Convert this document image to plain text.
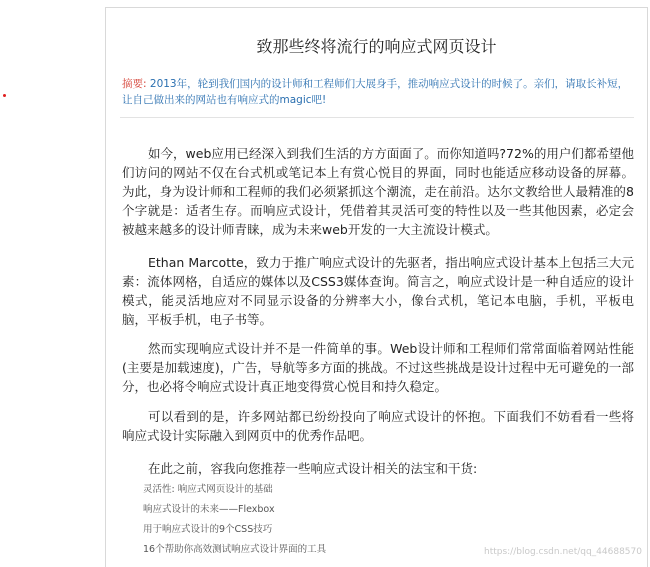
致那些终将流行的响应式网页设计
摘要: 2013年，轮到我们国内的设计师和工程师们大展身手，推动响应式设计的时候了。亲们，请取长补短，让自己做出来的网站也有响应式的magic吧!

如今，web应用已经深入到我们生活的方方面面了。而你知道吗?72%的用户们都希望他们访问的网站不仅在台式机或笔记本上有赏心悦目的界面，同时也能适应移动设备的屏幕。为此，身为设计师和工程师的我们必须紧抓这个潮流，走在前沿。达尔文教给世人最精准的8个字就是：适者生存。而响应式设计，凭借着其灵活可变的特性以及一些其他因素，必定会被越来越多的设计师青睐，成为未来web开发的一大主流设计模式。

Ethan Marcotte，致力于推广响应式设计的先驱者，指出响应式设计基本上包括三大元素：流体网格，自适应的媒体以及CSS3媒体查询。简言之，响应式设计是一种自适应的设计模式，能灵活地应对不同显示设备的分辨率大小，像台式机，笔记本电脑，手机，平板电脑，平板手机，电子书等。

然而实现响应式设计并不是一件简单的事。Web设计师和工程师们常常面临着网站性能(主要是加载速度)，广告，导航等多方面的挑战。不过这些挑战是设计过程中无可避免的一部分，也必将令响应式设计真正地变得赏心悦目和持久稳定。

可以看到的是，许多网站都已纷纷投向了响应式设计的怀抱。下面我们不妨看看一些将响应式设计实际融入到网页中的优秀作品吧。

在此之前，容我向您推荐一些响应式设计相关的法宝和干货:

灵活性: 响应式网页设计的基础
响应式设计的未来——Flexbox
用于响应式设计的9个CSS技巧
16个帮助你高效测试响应式设计界面的工具	https://blog.csdn.net/qq_44688570
